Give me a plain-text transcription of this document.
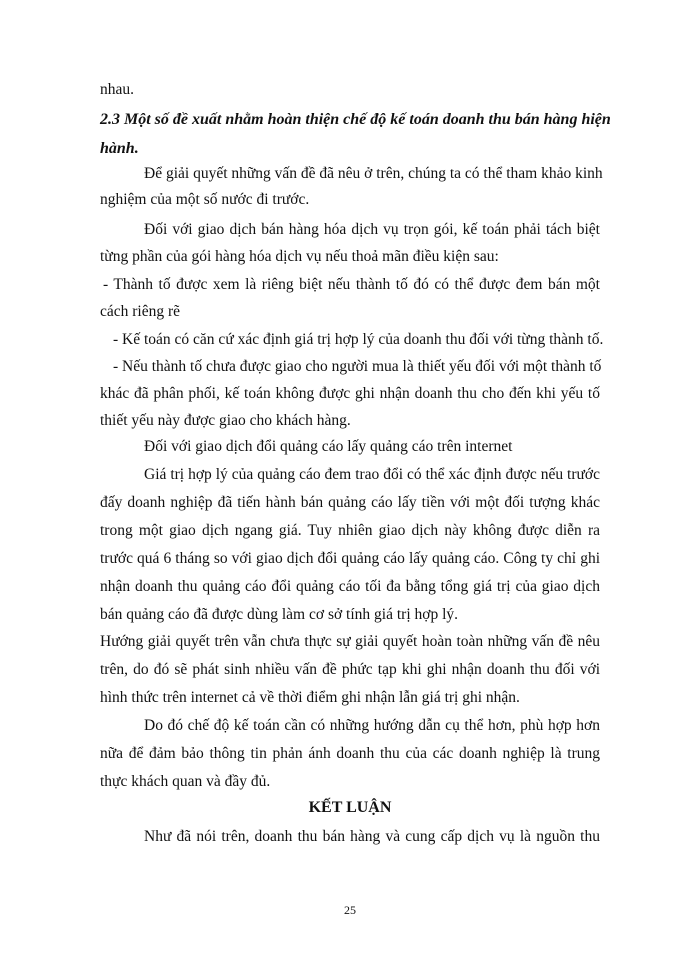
nhau.

2.3 Một số đề xuất nhằm hoàn thiện chế độ kế toán doanh thu bán hàng hiện

hành.

Để giải quyết những vấn đề đã nêu ở trên, chúng ta có thể tham khảo kinh

nghiệm của một số nước đi trước.

Đối với giao dịch bán hàng hóa dịch vụ trọn gói, kế toán phải tách biệt

từng phần của gói hàng hóa dịch vụ nếu thoả mãn điều kiện sau:

- Thành tố được xem là riêng biệt nếu thành tố đó có thể được đem bán một

cách riêng rẽ

- Kế toán có căn cứ xác định giá trị hợp lý của doanh thu đối với từng thành tố.

- Nếu thành tố chưa được giao cho người mua là thiết yếu đối với một thành tố

khác đã phân phối, kế toán không được ghi nhận doanh thu cho đến khi yếu tố

thiết yếu này được giao cho khách hàng.

Đối với giao dịch đổi quảng cáo lấy quảng cáo trên internet

Giá trị hợp lý của quảng cáo đem trao đổi có thể xác định được nếu trước

đấy doanh nghiệp đã tiến hành bán quảng cáo lấy tiền với một đối tượng khác

trong một giao dịch ngang giá. Tuy nhiên giao dịch này không được diễn ra

trước quá 6 tháng so với giao dịch đổi quảng cáo lấy quảng cáo. Công ty chỉ ghi

nhận doanh thu quảng cáo đổi quảng cáo tối đa bằng tổng giá trị của giao dịch

bán quảng cáo đã được dùng làm cơ sở tính giá trị hợp lý.

Hướng giải quyết trên vẫn chưa thực sự giải quyết hoàn toàn những vấn đề nêu

trên, do đó sẽ phát sinh nhiều vấn đề phức tạp khi ghi nhận doanh thu đối với

hình thức trên internet cả về thời điểm ghi nhận lẫn giá trị ghi nhận.

Do đó chế độ kế toán cần có những hướng dẫn cụ thể hơn, phù hợp hơn

nữa để đảm bảo thông tin phản ánh doanh thu của các doanh nghiệp là trung

thực khách quan và đầy đủ.

KẾT LUẬN

Như đã nói trên, doanh thu bán hàng và cung cấp dịch vụ là nguồn thu

25
